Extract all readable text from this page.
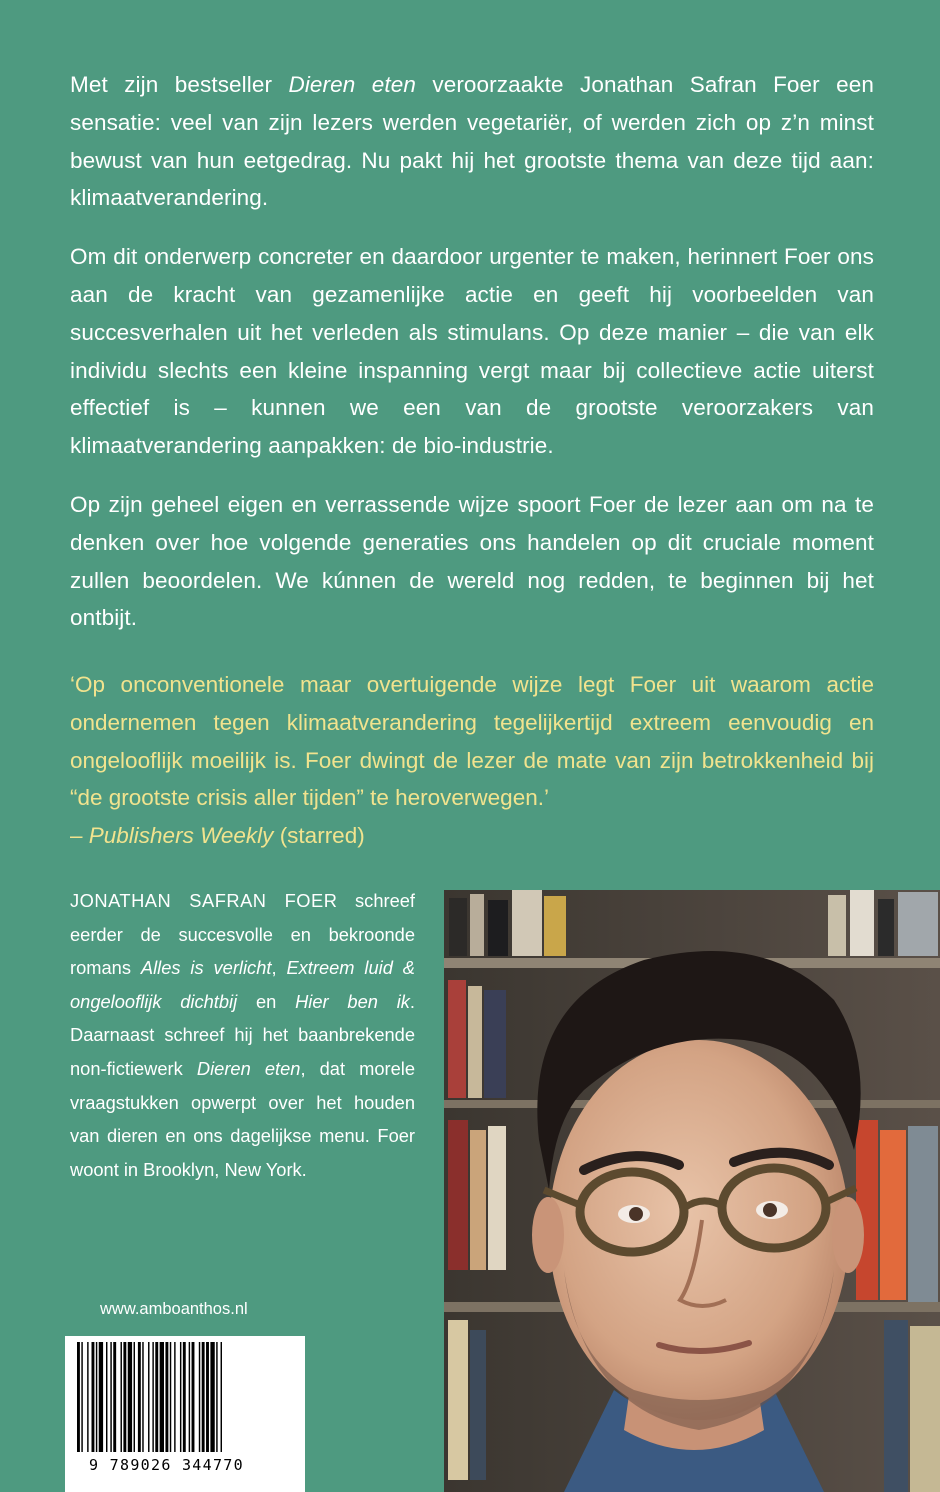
Met zijn bestseller Dieren eten veroorzaakte Jonathan Safran Foer een sensatie: veel van zijn lezers werden vegetariër, of werden zich op z’n minst bewust van hun eetgedrag. Nu pakt hij het grootste thema van deze tijd aan: klimaatverandering.

Om dit onderwerp concreter en daardoor urgenter te maken, herinnert Foer ons aan de kracht van gezamenlijke actie en geeft hij voorbeelden van succesverhalen uit het verleden als stimulans. Op deze manier – die van elk individu slechts een kleine inspanning vergt maar bij collectieve actie uiterst effectief is – kunnen we een van de grootste veroorzakers van klimaatverandering aanpakken: de bio-industrie.

Op zijn geheel eigen en verrassende wijze spoort Foer de lezer aan om na te denken over hoe volgende generaties ons handelen op dit cruciale moment zullen beoordelen. We kúnnen de wereld nog redden, te beginnen bij het ontbijt.

‘Op onconventionele maar overtuigende wijze legt Foer uit waarom actie ondernemen tegen klimaatverandering tegelijkertijd extreem eenvoudig en ongelooflijk moeilijk is. Foer dwingt de lezer de mate van zijn betrokkenheid bij “de grootste crisis aller tijden” te heroverwegen.’

– Publishers Weekly (starred)

JONATHAN SAFRAN FOER schreef eerder de succesvolle en bekroonde romans Alles is verlicht, Extreem luid & ongelooflijk dichtbij en Hier ben ik. Daarnaast schreef hij het baanbrekende non-fictiewerk Dieren eten, dat morele vraagstukken opwerpt over het houden van dieren en ons dagelijkse menu. Foer woont in Brooklyn, New York.

www.amboanthos.nl
9 789026 344770
